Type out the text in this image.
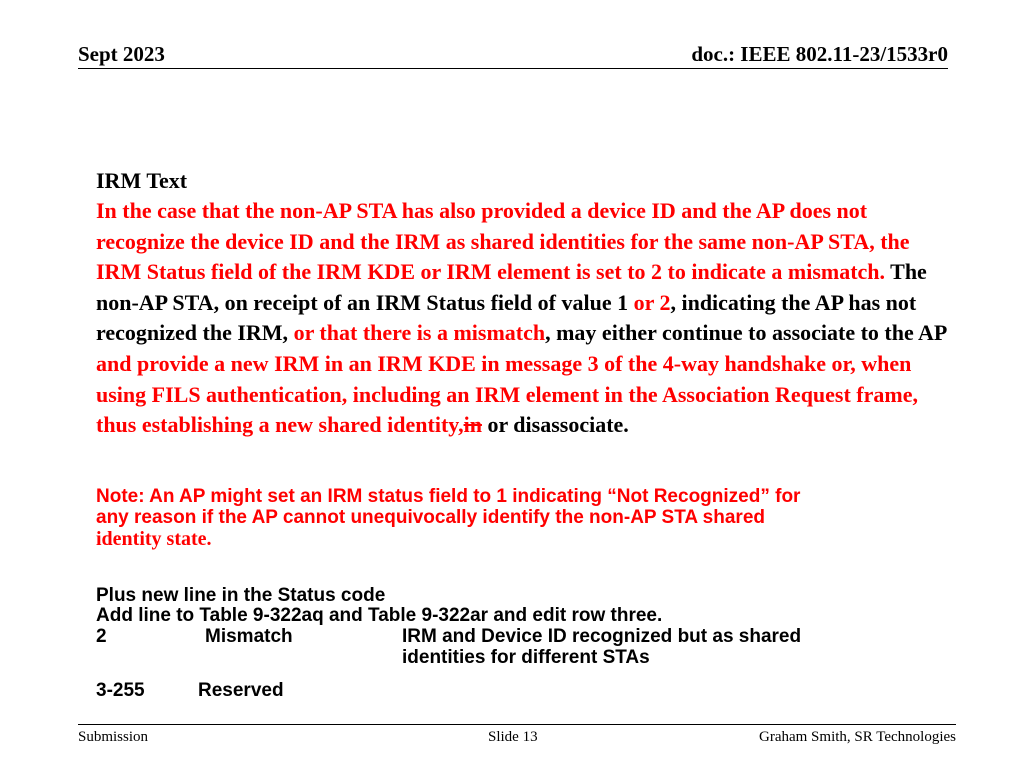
Sept 2023	doc.: IEEE 802.11-23/1533r0
IRM Text
In the case that the non-AP STA has also provided a device ID and the AP does not recognize the device ID and the IRM as shared identities for the same non-AP STA, the IRM Status field of the IRM KDE or IRM element is set to 2 to indicate a mismatch. The non-AP STA, on receipt of an IRM Status field of value 1 or 2, indicating the AP has not recognized the IRM, or that there is a mismatch, may either continue to associate to the AP and provide a new IRM in an IRM KDE in message 3 of the 4-way handshake or, when using FILS authentication, including an IRM element in the Association Request frame, thus establishing a new shared identity,in or disassociate.
Note: An AP might set an IRM status field to 1 indicating “Not Recognized” for
any reason if the AP cannot unequivocally identify the non-AP STA shared
identity state.
Plus new line in the Status code
Add line to Table 9-322aq and Table 9-322ar and edit row three.
2	Mismatch	IRM and Device ID recognized but as shared
identities for different STAs
3-255	Reserved
Submission	Slide 13	Graham Smith, SR Technologies
